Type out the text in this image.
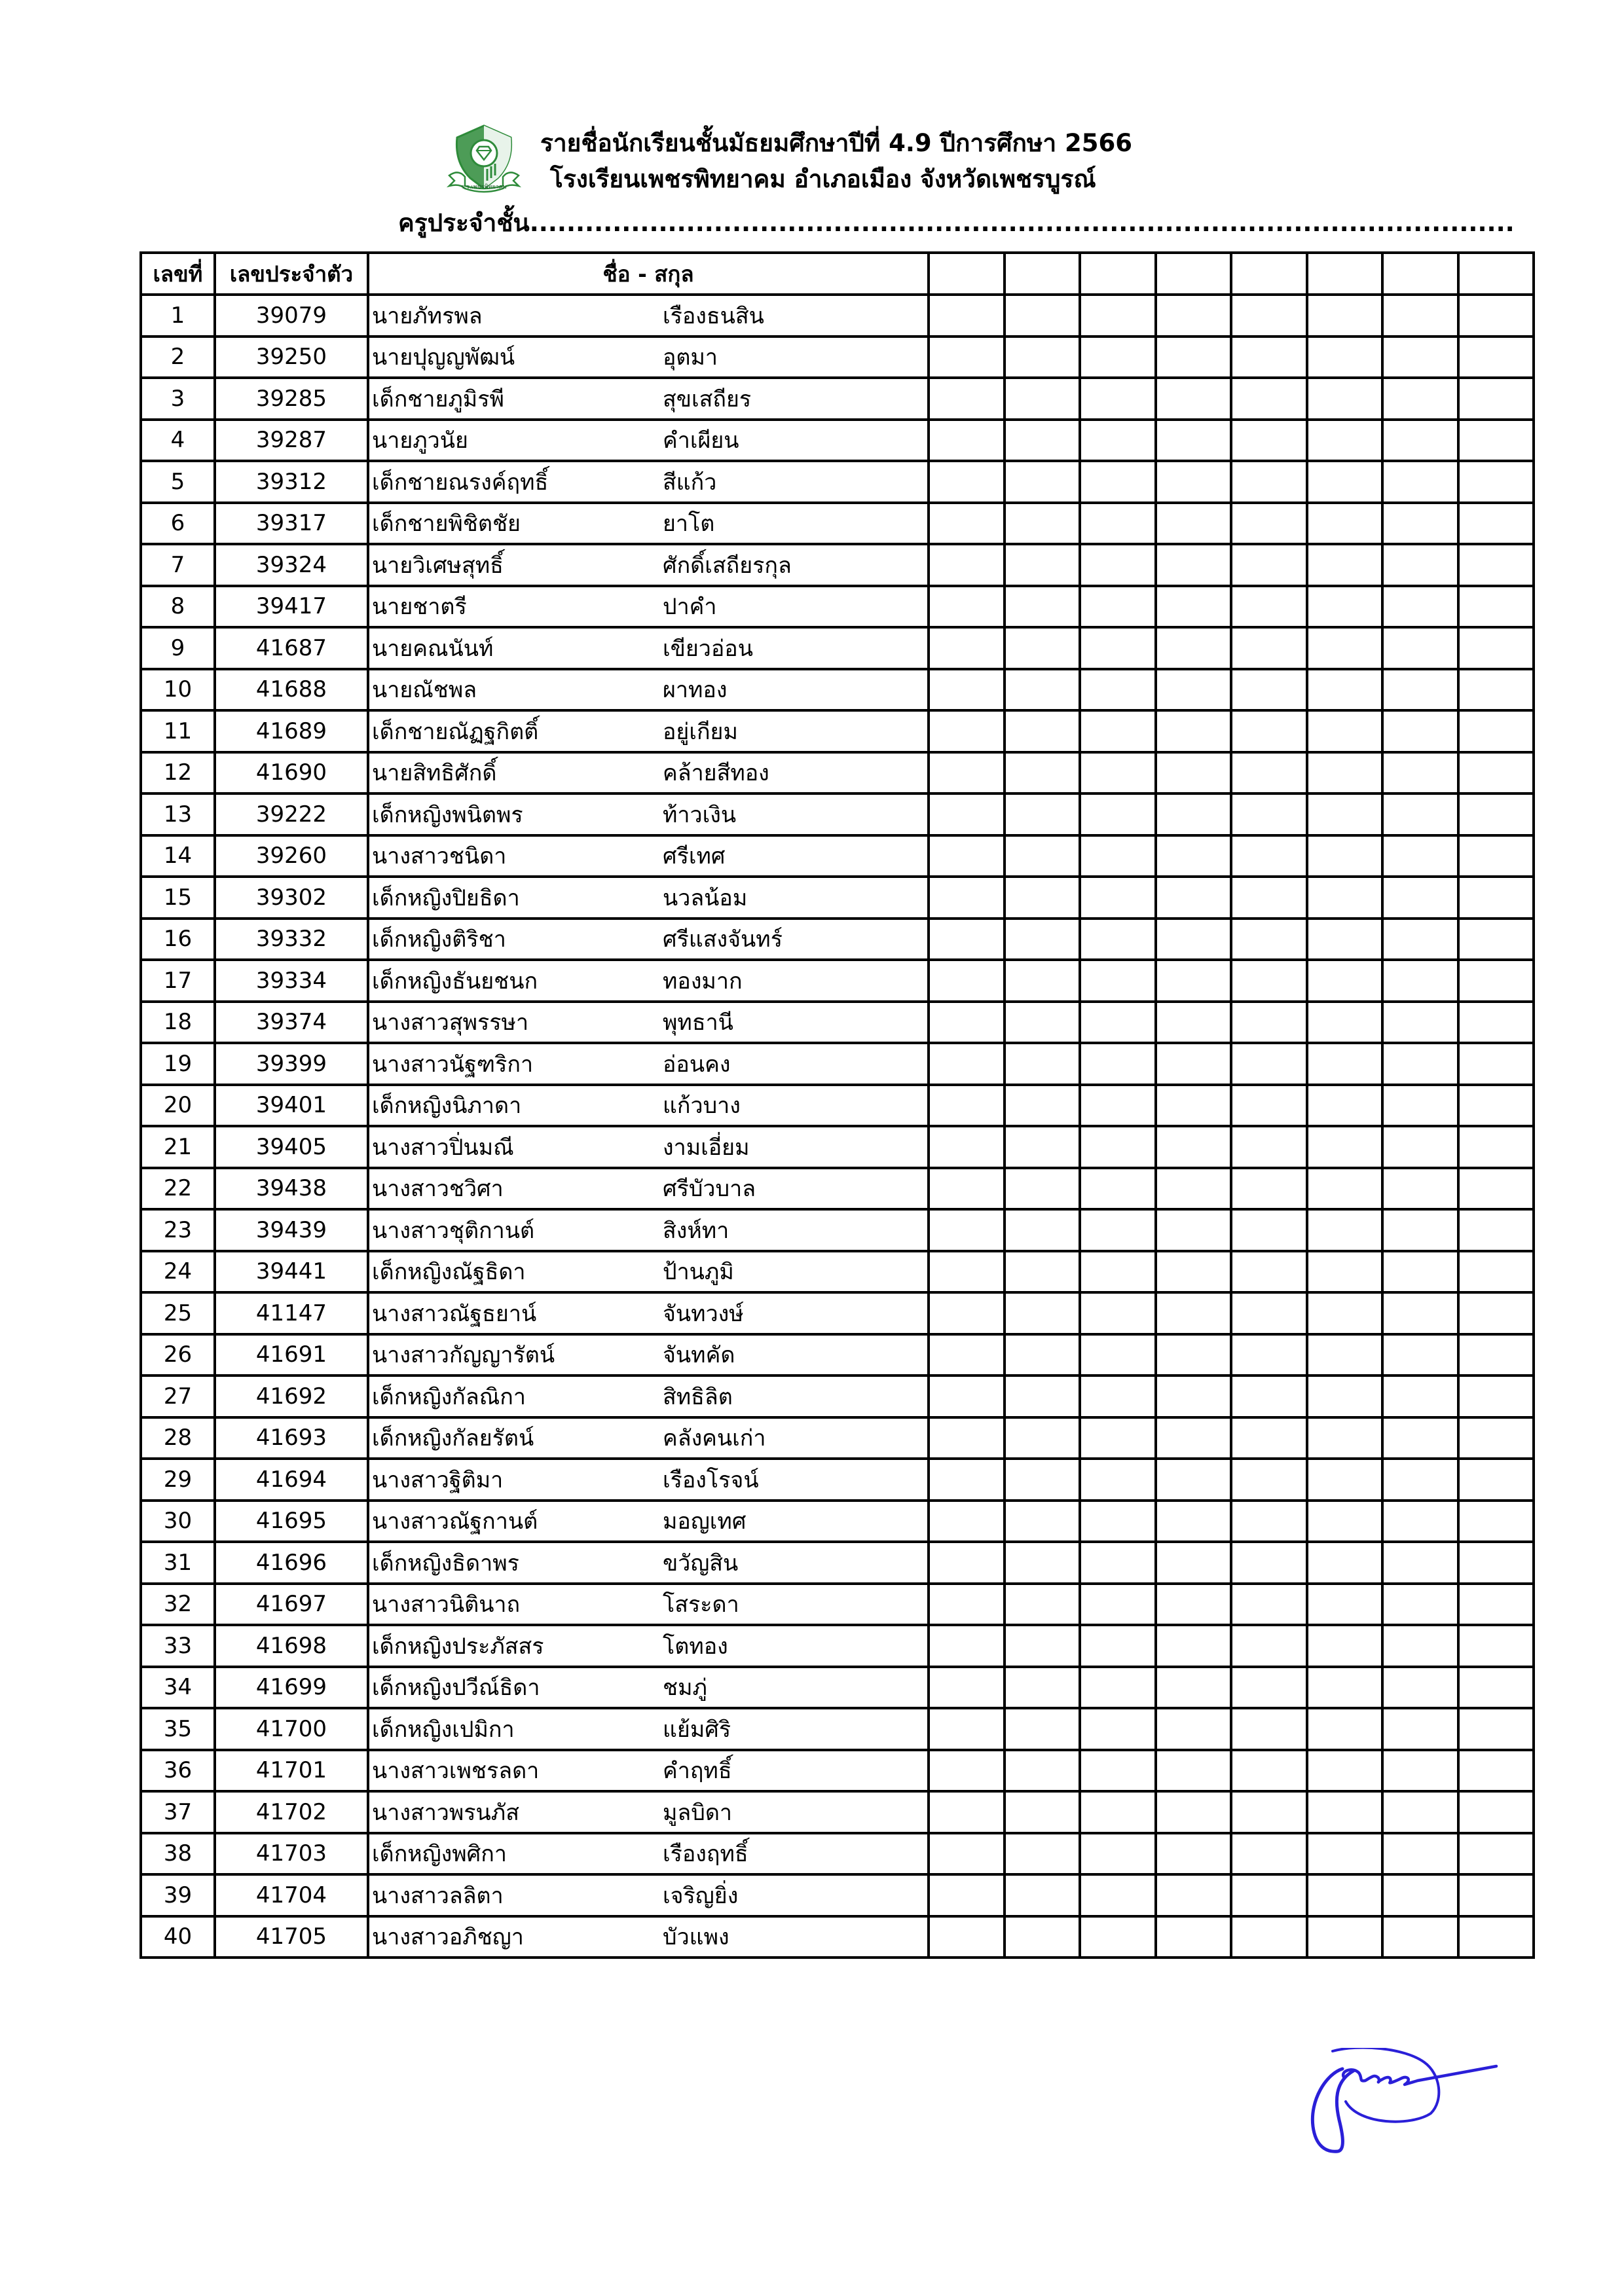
ร.ร.เพชรพิทยาคม
รายชื่อนักเรียนชั้นมัธยมศึกษาปีที่ 4.9 ปีการศึกษา 2566
โรงเรียนเพชรพิทยาคม อำเภอเมือง จังหวัดเพชรบูรณ์
ครูประจำชั้น...........................................................................................................
เลขที่	เลขประจำตัว	ชื่อ - สกุล								
1	39079	นายภัทรพล เรืองธนสิน								

2	39250	นายปุญญพัฒน์ อุตมา								

3	39285	เด็กชายภูมิรพี สุขเสถียร								

4	39287	นายภูวนัย คำเผียน								

5	39312	เด็กชายณรงค์ฤทธิ์ สีแก้ว								

6	39317	เด็กชายพิชิตชัย ยาโต								

7	39324	นายวิเศษสุทธิ์ ศักดิ์เสถียรกุล								

8	39417	นายชาตรี ปาคำ								

9	41687	นายคณนันท์ เขียวอ่อน								

10	41688	นายณัชพล ผาทอง								

11	41689	เด็กชายณัฏฐกิตติ์ อยู่เกียม								

12	41690	นายสิทธิศักดิ์ คล้ายสีทอง								

13	39222	เด็กหญิงพนิตพร ท้าวเงิน								

14	39260	นางสาวชนิดา ศรีเทศ								

15	39302	เด็กหญิงปิยธิดา นวลน้อม								

16	39332	เด็กหญิงติริชา ศรีแสงจันทร์								

17	39334	เด็กหญิงธันยชนก ทองมาก								

18	39374	นางสาวสุพรรษา พุทธานี								

19	39399	นางสาวนัฐฑริกา อ่อนคง								

20	39401	เด็กหญิงนิภาดา แก้วบาง								

21	39405	นางสาวปิ่นมณี งามเอี่ยม								

22	39438	นางสาวชวิศา ศรีบัวบาล								

23	39439	นางสาวชุติกานต์ สิงห์ทา								

24	39441	เด็กหญิงณัฐธิดา ป้านภูมิ								

25	41147	นางสาวณัฐธยาน์ จันทวงษ์								

26	41691	นางสาวกัญญารัตน์ จันทคัด								

27	41692	เด็กหญิงกัลณิกา สิทธิลิต								

28	41693	เด็กหญิงกัลยรัตน์ คลังคนเก่า								

29	41694	นางสาวฐิติมา เรืองโรจน์								

30	41695	นางสาวณัฐกานต์ มอญเทศ								

31	41696	เด็กหญิงธิดาพร ขวัญสิน								

32	41697	นางสาวนิตินาถ โสระดา								

33	41698	เด็กหญิงประภัสสร โตทอง								

34	41699	เด็กหญิงปวีณ์ธิดา ชมภู่								

35	41700	เด็กหญิงเปมิกา แย้มศิริ								

36	41701	นางสาวเพชรลดา คำฤทธิ์								

37	41702	นางสาวพรนภัส มูลบิดา								

38	41703	เด็กหญิงพศิกา เรืองฤทธิ์								

39	41704	นางสาวลลิตา เจริญยิ่ง								

40	41705	นางสาวอภิชญา บัวแพง								
